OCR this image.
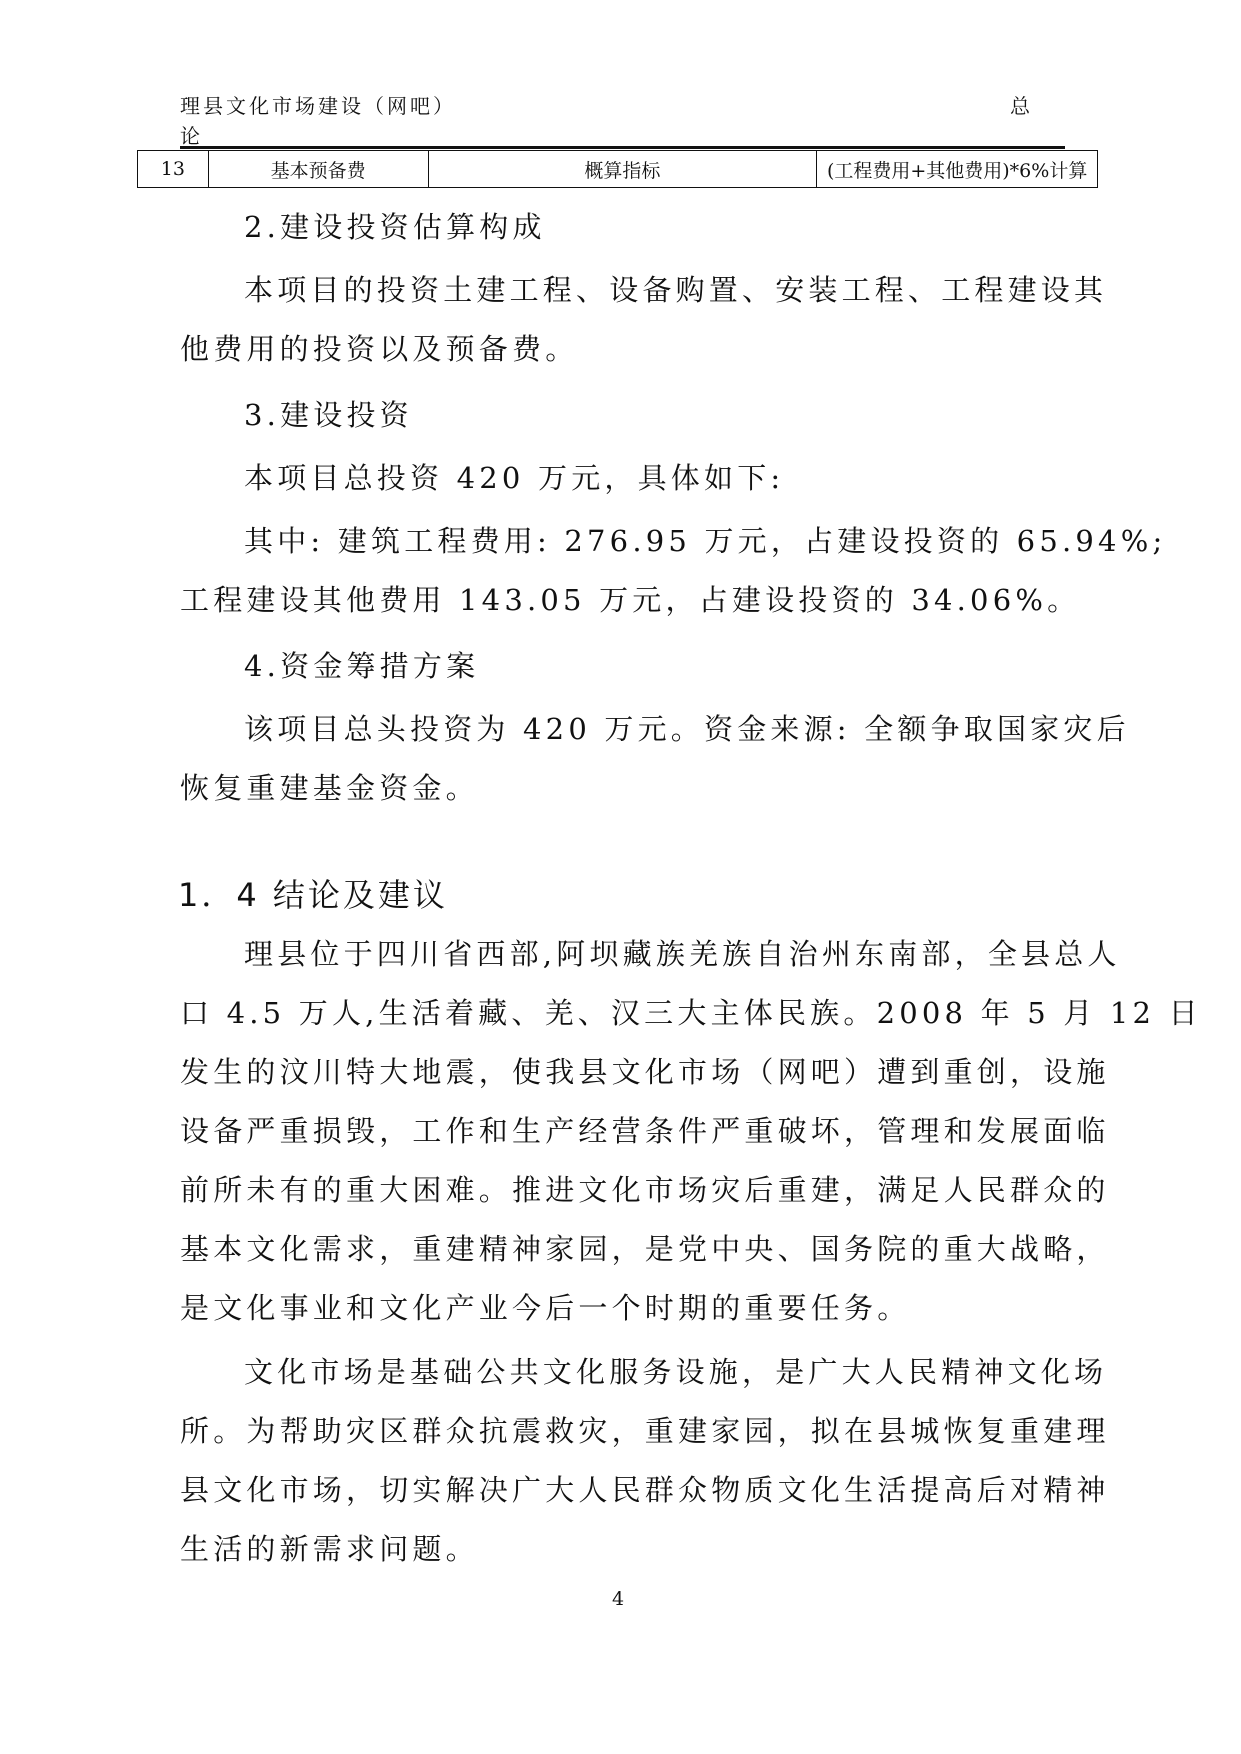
理县文化市场建设（网吧）
论
总
13	基本预备费	概算指标	(工程费用+其他费用)*6%计算
2.建设投资估算构成
本项目的投资土建工程、设备购置、安装工程、工程建设其
他费用的投资以及预备费。
3.建设投资
本项目总投资 420 万元，具体如下:
其中: 建筑工程费用: 276.95 万元，占建设投资的 65.94%;
工程建设其他费用 143.05 万元，占建设投资的 34.06%。
4.资金筹措方案
该项目总头投资为 420 万元。资金来源: 全额争取国家灾后
恢复重建基金资金。
1．4 结论及建议
理县位于四川省西部,阿坝藏族羌族自治州东南部，全县总人
口 4.5 万人,生活着藏、羌、汉三大主体民族。2008 年 5 月 12 日
发生的汶川特大地震，使我县文化市场（网吧）遭到重创，设施
设备严重损毁，工作和生产经营条件严重破坏，管理和发展面临
前所未有的重大困难。推进文化市场灾后重建，满足人民群众的
基本文化需求，重建精神家园，是党中央、国务院的重大战略，
是文化事业和文化产业今后一个时期的重要任务。
文化市场是基础公共文化服务设施，是广大人民精神文化场
所。为帮助灾区群众抗震救灾，重建家园，拟在县城恢复重建理
县文化市场，切实解决广大人民群众物质文化生活提高后对精神
生活的新需求问题。
4
